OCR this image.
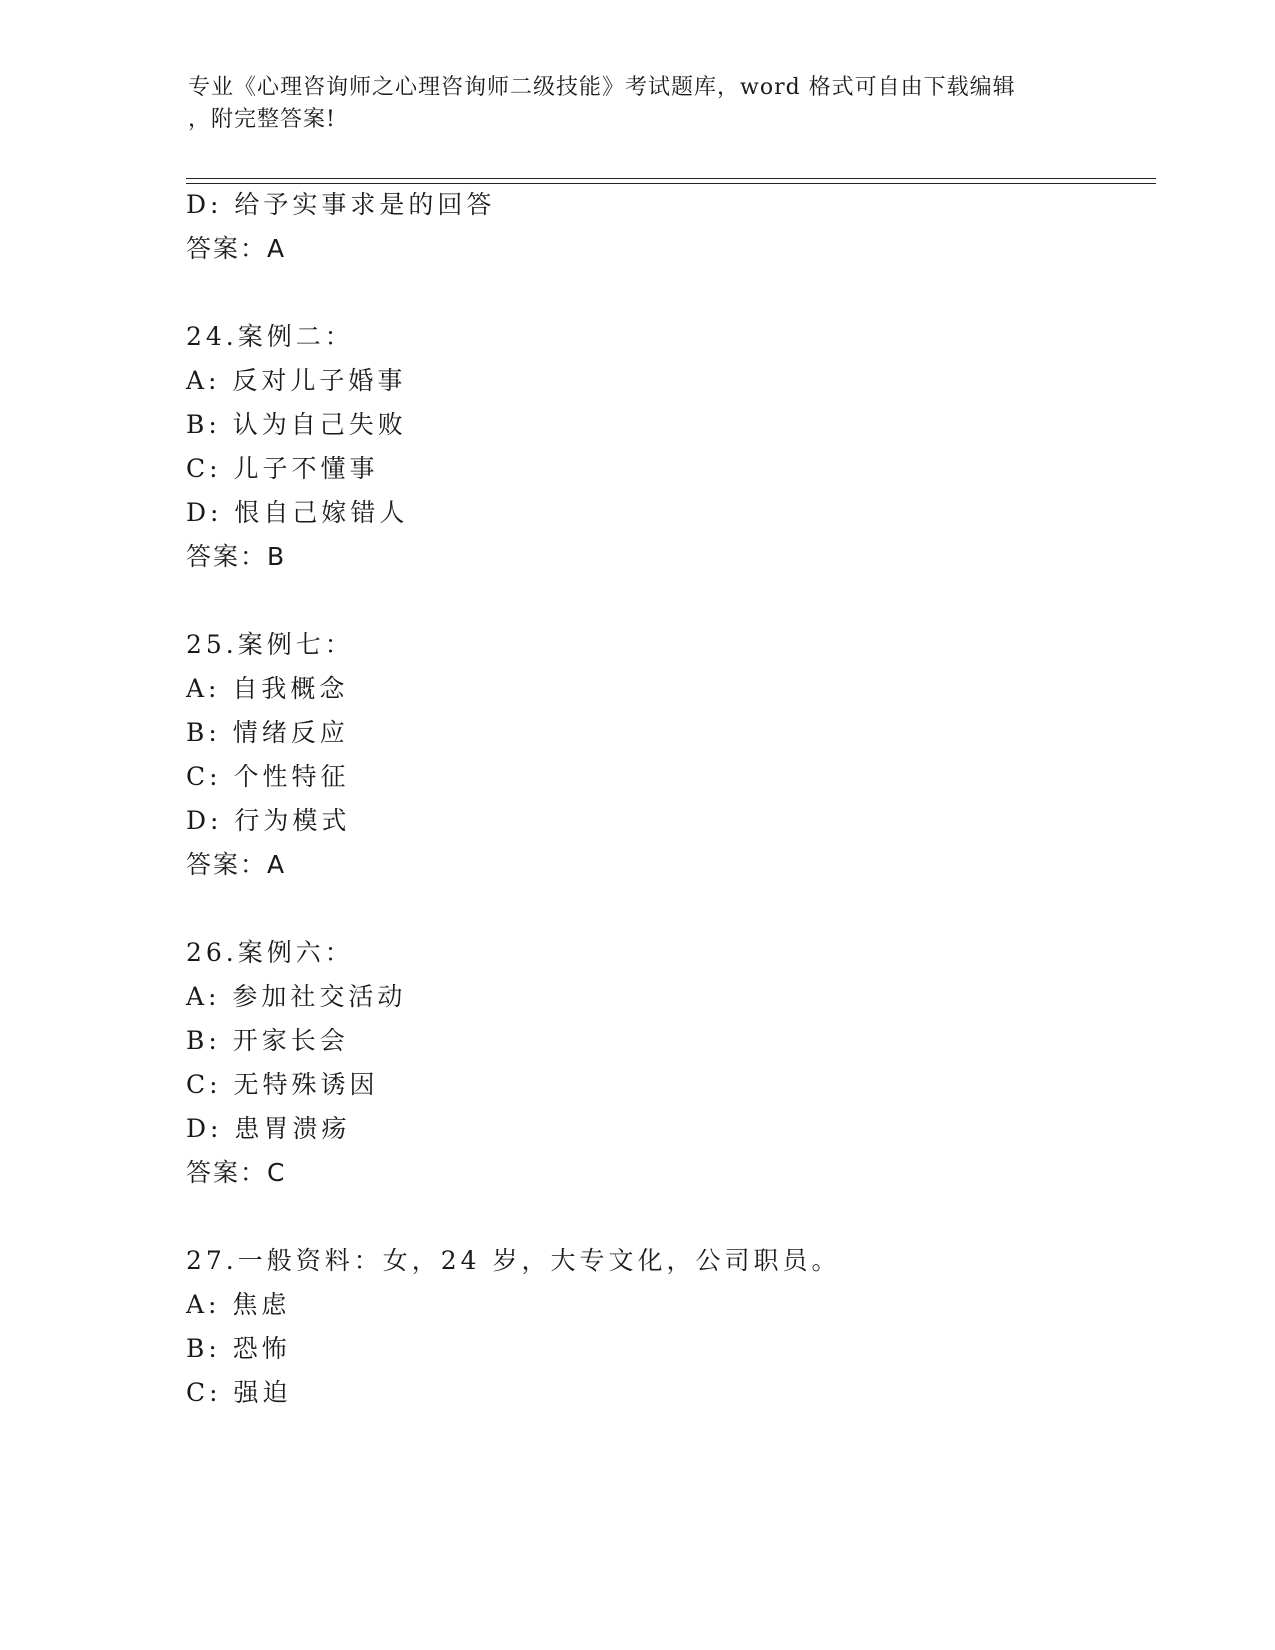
专业《心理咨询师之心理咨询师二级技能》考试题库，word 格式可自由下载编辑
，附完整答案!
D: 给予实事求是的回答
答案：A
24.案例二：
A: 反对儿子婚事
B: 认为自己失败
C: 儿子不懂事
D: 恨自己嫁错人
答案：B
25.案例七：
A: 自我概念
B: 情绪反应
C: 个性特征
D: 行为模式
答案：A
26.案例六：
A: 参加社交活动
B: 开家长会
C: 无特殊诱因
D: 患胃溃疡
答案：C
27.一般资料：女，24 岁，大专文化，公司职员。
A: 焦虑
B: 恐怖
C: 强迫
